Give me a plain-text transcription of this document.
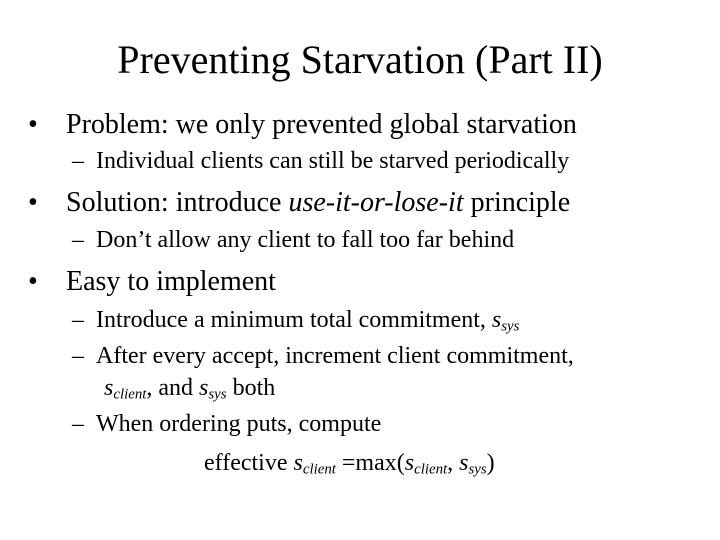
Preventing Starvation (Part II)
• Problem: we only prevented global starvation
– Individual clients can still be starved periodically
• Solution: introduce use-it-or-lose-it principle
– Don’t allow any client to fall too far behind
• Easy to implement
– Introduce a minimum total commitment, $s_{sys}$
– After every accept, increment client commitment,
$s_{client}$, and $s_{sys}$ both
– When ordering puts, compute
effective $s_{client} =\max(s_{client}$, $s_{sys}$)
